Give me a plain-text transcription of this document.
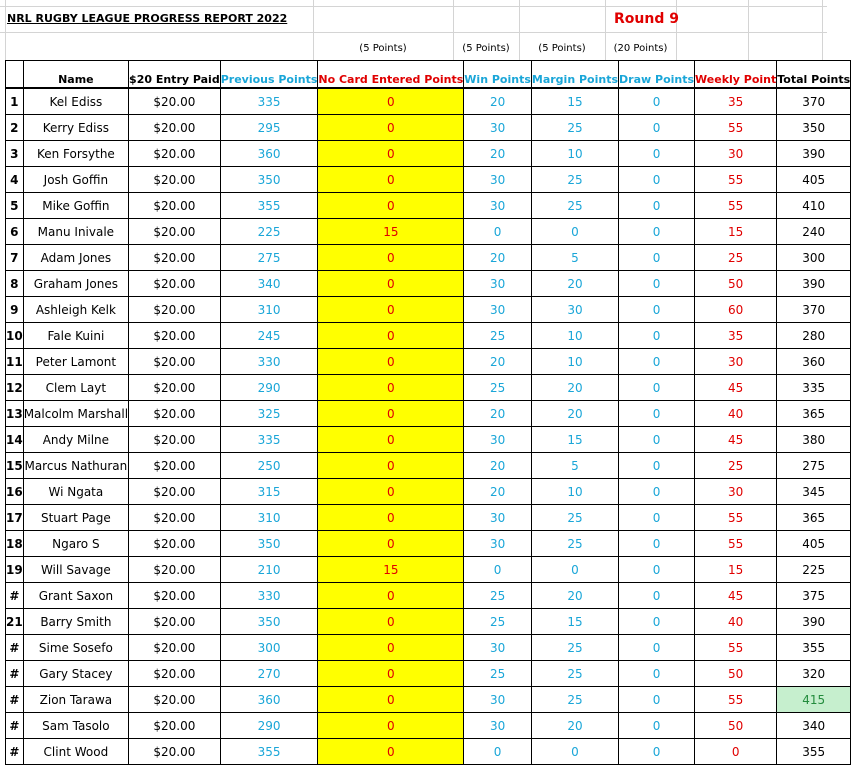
NRL RUGBY LEAGUE PROGRESS REPORT 2022	Round 9
(5 Points)	(5 Points)	(5 Points)	(20 Points)
	Name	$20 Entry Paid	Previous Points	No Card Entered Points	Win Points	Margin Points	Draw Points	Weekly Point	Total Points
1	Kel Ediss	$20.00	335	0	20	15	0	35	370
2	Kerry Ediss	$20.00	295	0	30	25	0	55	350
3	Ken Forsythe	$20.00	360	0	20	10	0	30	390
4	Josh Goffin	$20.00	350	0	30	25	0	55	405
5	Mike Goffin	$20.00	355	0	30	25	0	55	410
6	Manu Inivale	$20.00	225	15	0	0	0	15	240
7	Adam Jones	$20.00	275	0	20	5	0	25	300
8	Graham Jones	$20.00	340	0	30	20	0	50	390
9	Ashleigh Kelk	$20.00	310	0	30	30	0	60	370
10	Fale Kuini	$20.00	245	0	25	10	0	35	280
11	Peter Lamont	$20.00	330	0	20	10	0	30	360
12	Clem Layt	$20.00	290	0	25	20	0	45	335
13	Malcolm Marshall	$20.00	325	0	20	20	0	40	365
14	Andy Milne	$20.00	335	0	30	15	0	45	380
15	Marcus Nathuran	$20.00	250	0	20	5	0	25	275
16	Wi Ngata	$20.00	315	0	20	10	0	30	345
17	Stuart Page	$20.00	310	0	30	25	0	55	365
18	Ngaro S	$20.00	350	0	30	25	0	55	405
19	Will Savage	$20.00	210	15	0	0	0	15	225
#	Grant Saxon	$20.00	330	0	25	20	0	45	375
21	Barry Smith	$20.00	350	0	25	15	0	40	390
#	Sime Sosefo	$20.00	300	0	30	25	0	55	355
#	Gary Stacey	$20.00	270	0	25	25	0	50	320
#	Zion Tarawa	$20.00	360	0	30	25	0	55	415
#	Sam Tasolo	$20.00	290	0	30	20	0	50	340
#	Clint Wood	$20.00	355	0	0	0	0	0	355
